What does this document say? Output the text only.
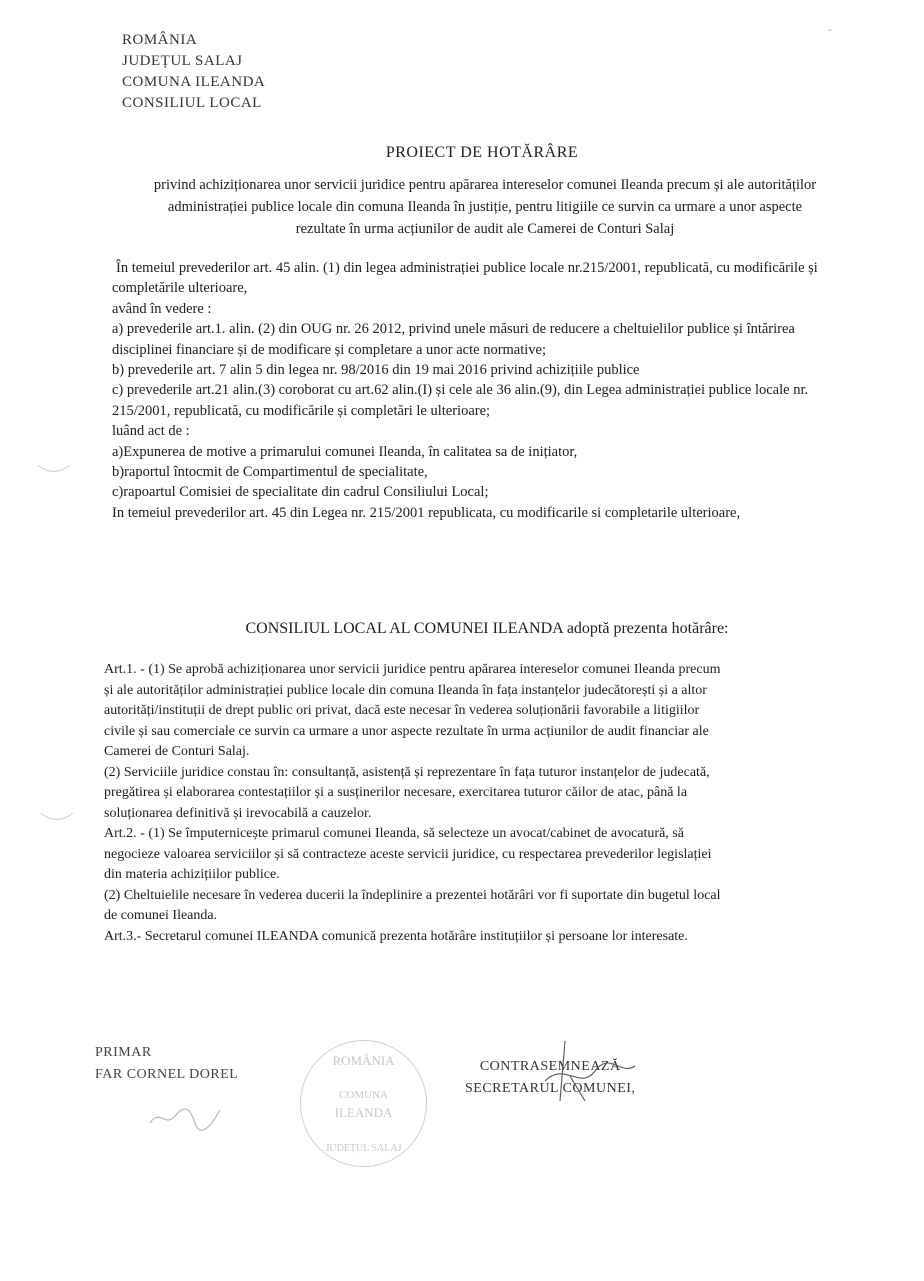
ROMÂNIA
JUDEȚUL SALAJ
COMUNA ILEANDA
CONSILIUL LOCAL
-
PROIECT DE HOTĂRÂRE
privind achiziționarea unor servicii juridice pentru apărarea intereselor comunei Ileanda precum și ale autorităților administrației publice locale din comuna Ileanda în justiție, pentru litigiile ce survin ca urmare a unor aspecte rezultate în urma acțiunilor de audit ale Camerei de Conturi Salaj

În temeiul prevederilor art. 45 alin. (1) din legea administrației publice locale nr.215/2001, republicată, cu modificările și completările ulterioare,

având în vedere :

a) prevederile art.1. alin. (2) din OUG nr. 26 2012, privind unele măsuri de reducere a cheltuielilor publice și întărirea disciplinei financiare și de modificare și completare a unor acte normative;

b) prevederile art. 7 alin 5 din legea nr. 98/2016 din 19 mai 2016 privind achizițiile publice

c) prevederile art.21 alin.(3) coroborat cu art.62 alin.(I) și cele ale 36 alin.(9), din Legea administrației publice locale nr. 215/2001, republicată, cu modificările și completări le ulterioare;

luând act de :

a)Expunerea de motive a primarului comunei Ileanda, în calitatea sa de inițiator,

b)raportul întocmit de Compartimentul de specialitate,

c)rapoartul Comisiei de specialitate din cadrul Consiliului Local;

In temeiul prevederilor art. 45 din Legea nr. 215/2001 republicata, cu modificarile si completarile ulterioare,

CONSILIUL LOCAL AL COMUNEI ILEANDA adoptă prezenta hotărâre:

Art.1. - (1) Se aprobă achiziționarea unor servicii juridice pentru apărarea intereselor comunei Ileanda precum și ale autorităților administrației publice locale din comuna Ileanda în fața instanțelor judecătorești și a altor autorități/instituții de drept public ori privat, dacă este necesar în vederea soluționării favorabile a litigiilor civile și sau comerciale ce survin ca urmare a unor aspecte rezultate în urma acțiunilor de audit financiar ale Camerei de Conturi Salaj.

(2) Serviciile juridice constau în: consultanță, asistență și reprezentare în fața tuturor instanțelor de judecată, pregătirea și elaborarea contestațiilor și a susținerilor necesare, exercitarea tuturor căilor de atac, până la soluționarea definitivă și irevocabilă a cauzelor.

Art.2. - (1) Se împuternicește primarul comunei Ileanda, să selecteze un avocat/cabinet de avocatură, să negocieze valoarea serviciilor și să contracteze aceste servicii juridice, cu respectarea prevederilor legislației din materia achizițiilor publice.

(2) Cheltuielile necesare în vederea ducerii la îndeplinire a prezentei hotărâri vor fi suportate din bugetul local de comunei Ileanda.

Art.3.- Secretarul comunei ILEANDA comunică prezenta hotărâre instituțiilor și persoane lor interesate.

PRIMAR
FAR CORNEL DOREL
ROMÂNIA
COMUNA
ILEANDA
JUDEȚUL SALAJ
CONTRASEMNEAZĂ
SECRETARUL COMUNEI,
